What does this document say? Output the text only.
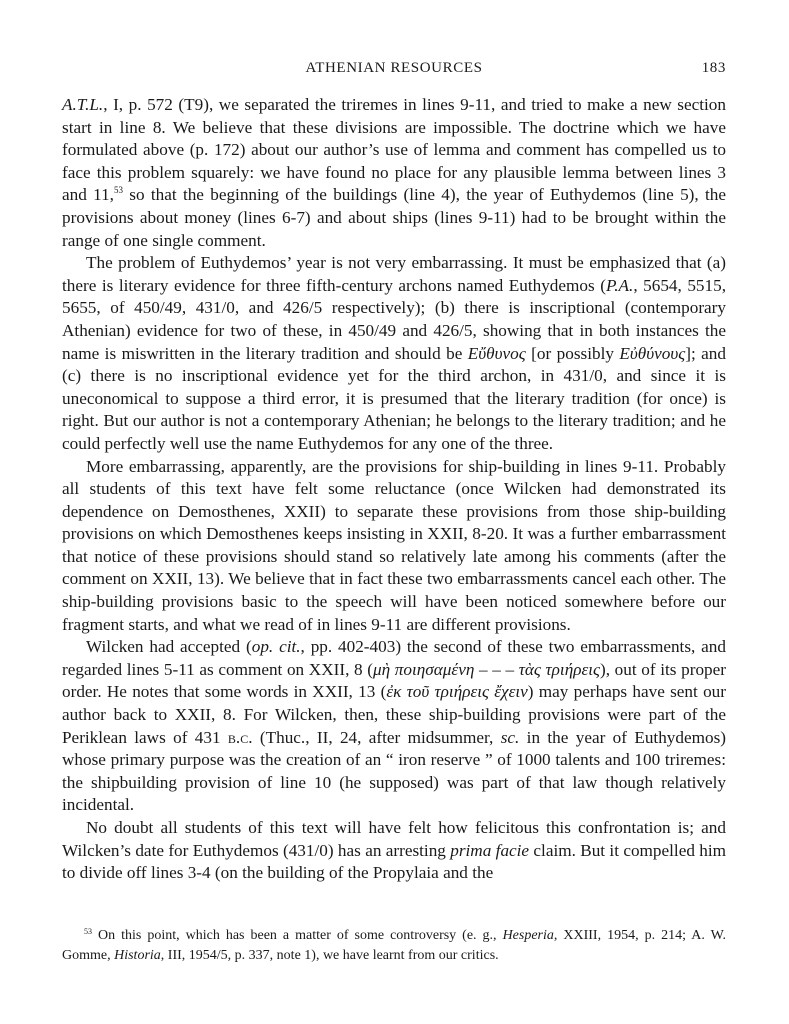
ATHENIAN RESOURCES	183

A.T.L., I, p. 572 (T9), we separated the triremes in lines 9-11, and tried to make a new section start in line 8. We believe that these divisions are impossible. The doctrine which we have formulated above (p. 172) about our author’s use of lemma and comment has compelled us to face this problem squarely: we have found no place for any plausible lemma between lines 3 and 11,53 so that the beginning of the buildings (line 4), the year of Euthydemos (line 5), the provisions about money (lines 6-7) and about ships (lines 9-11) had to be brought within the range of one single comment.

The problem of Euthydemos’ year is not very embarrassing. It must be emphasized that (a) there is literary evidence for three fifth-century archons named Euthydemos (P.A., 5654, 5515, 5655, of 450/49, 431/0, and 426/5 respectively); (b) there is inscriptional (contemporary Athenian) evidence for two of these, in 450/49 and 426/5, showing that in both instances the name is miswritten in the literary tradition and should be Εὔθυνος [or possibly Εὐθύνους]; and (c) there is no inscriptional evidence yet for the third archon, in 431/0, and since it is uneconomical to suppose a third error, it is presumed that the literary tradition (for once) is right. But our author is not a contemporary Athenian; he belongs to the literary tradition; and he could perfectly well use the name Euthydemos for any one of the three.

More embarrassing, apparently, are the provisions for ship-building in lines 9-11. Probably all students of this text have felt some reluctance (once Wilcken had demonstrated its dependence on Demosthenes, XXII) to separate these provisions from those ship-building provisions on which Demosthenes keeps insisting in XXII, 8-20. It was a further embarrassment that notice of these provisions should stand so relatively late among his comments (after the comment on XXII, 13). We believe that in fact these two embarrassments cancel each other. The ship-building provisions basic to the speech will have been noticed somewhere before our fragment starts, and what we read of in lines 9-11 are different provisions.

Wilcken had accepted (op. cit., pp. 402-403) the second of these two embarrassments, and regarded lines 5-11 as comment on XXII, 8 (μὴ ποιησαμένη – – – τὰς τριήρεις), out of its proper order. He notes that some words in XXII, 13 (ἐκ τοῦ τριήρεις ἔχειν) may perhaps have sent our author back to XXII, 8. For Wilcken, then, these ship-building provisions were part of the Periklean laws of 431 b.c. (Thuc., II, 24, after midsummer, sc. in the year of Euthydemos) whose primary purpose was the creation of an “ iron reserve ” of 1000 talents and 100 triremes: the shipbuilding provision of line 10 (he supposed) was part of that law though relatively incidental.

No doubt all students of this text will have felt how felicitous this confrontation is; and Wilcken’s date for Euthydemos (431/0) has an arresting prima facie claim. But it compelled him to divide off lines 3-4 (on the building of the Propylaia and the

$^{53}$ On this point, which has been a matter of some controversy (e. g., Hesperia, XXIII, 1954, p. 214; A. W. Gomme, Historia, III, 1954/5, p. 337, note 1), we have learnt from our critics.
